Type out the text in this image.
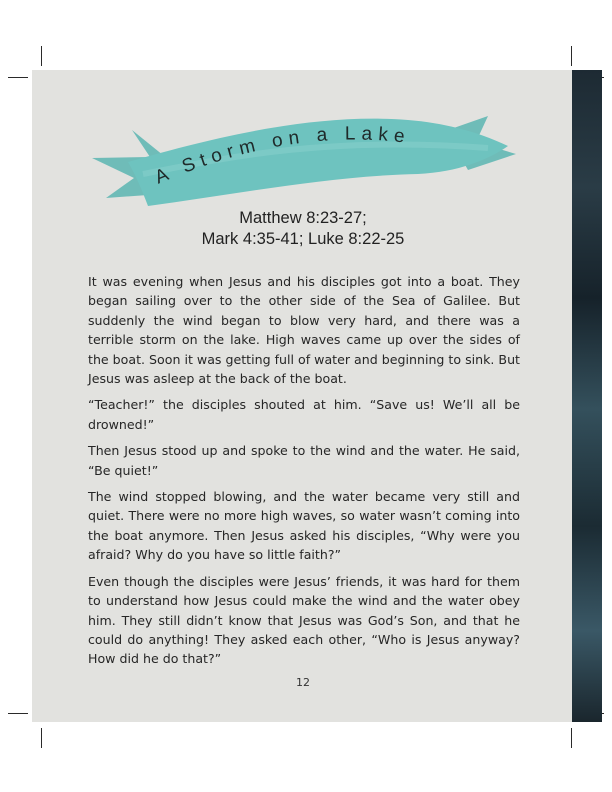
A Storm on a Lake
Matthew 8:23-27;
Mark 4:35-41; Luke 8:22-25

It was evening when Jesus and his disciples got into a boat. They began sailing over to the other side of the Sea of Galilee. But suddenly the wind began to blow very hard, and there was a terrible storm on the lake. High waves came up over the sides of the boat. Soon it was getting full of water and beginning to sink. But Jesus was asleep at the back of the boat.

“Teacher!” the disciples shouted at him. “Save us! We’ll all be drowned!”

Then Jesus stood up and spoke to the wind and the water. He said, “Be quiet!”

The wind stopped blowing, and the water became very still and quiet. There were no more high waves, so water wasn’t coming into the boat anymore. Then Jesus asked his disciples, “Why were you afraid? Why do you have so little faith?”

Even though the disciples were Jesus’ friends, it was hard for them to understand how Jesus could make the wind and the water obey him. They still didn’t know that Jesus was God’s Son, and that he could do anything! They asked each other, “Who is Jesus anyway? How did he do that?”

12
